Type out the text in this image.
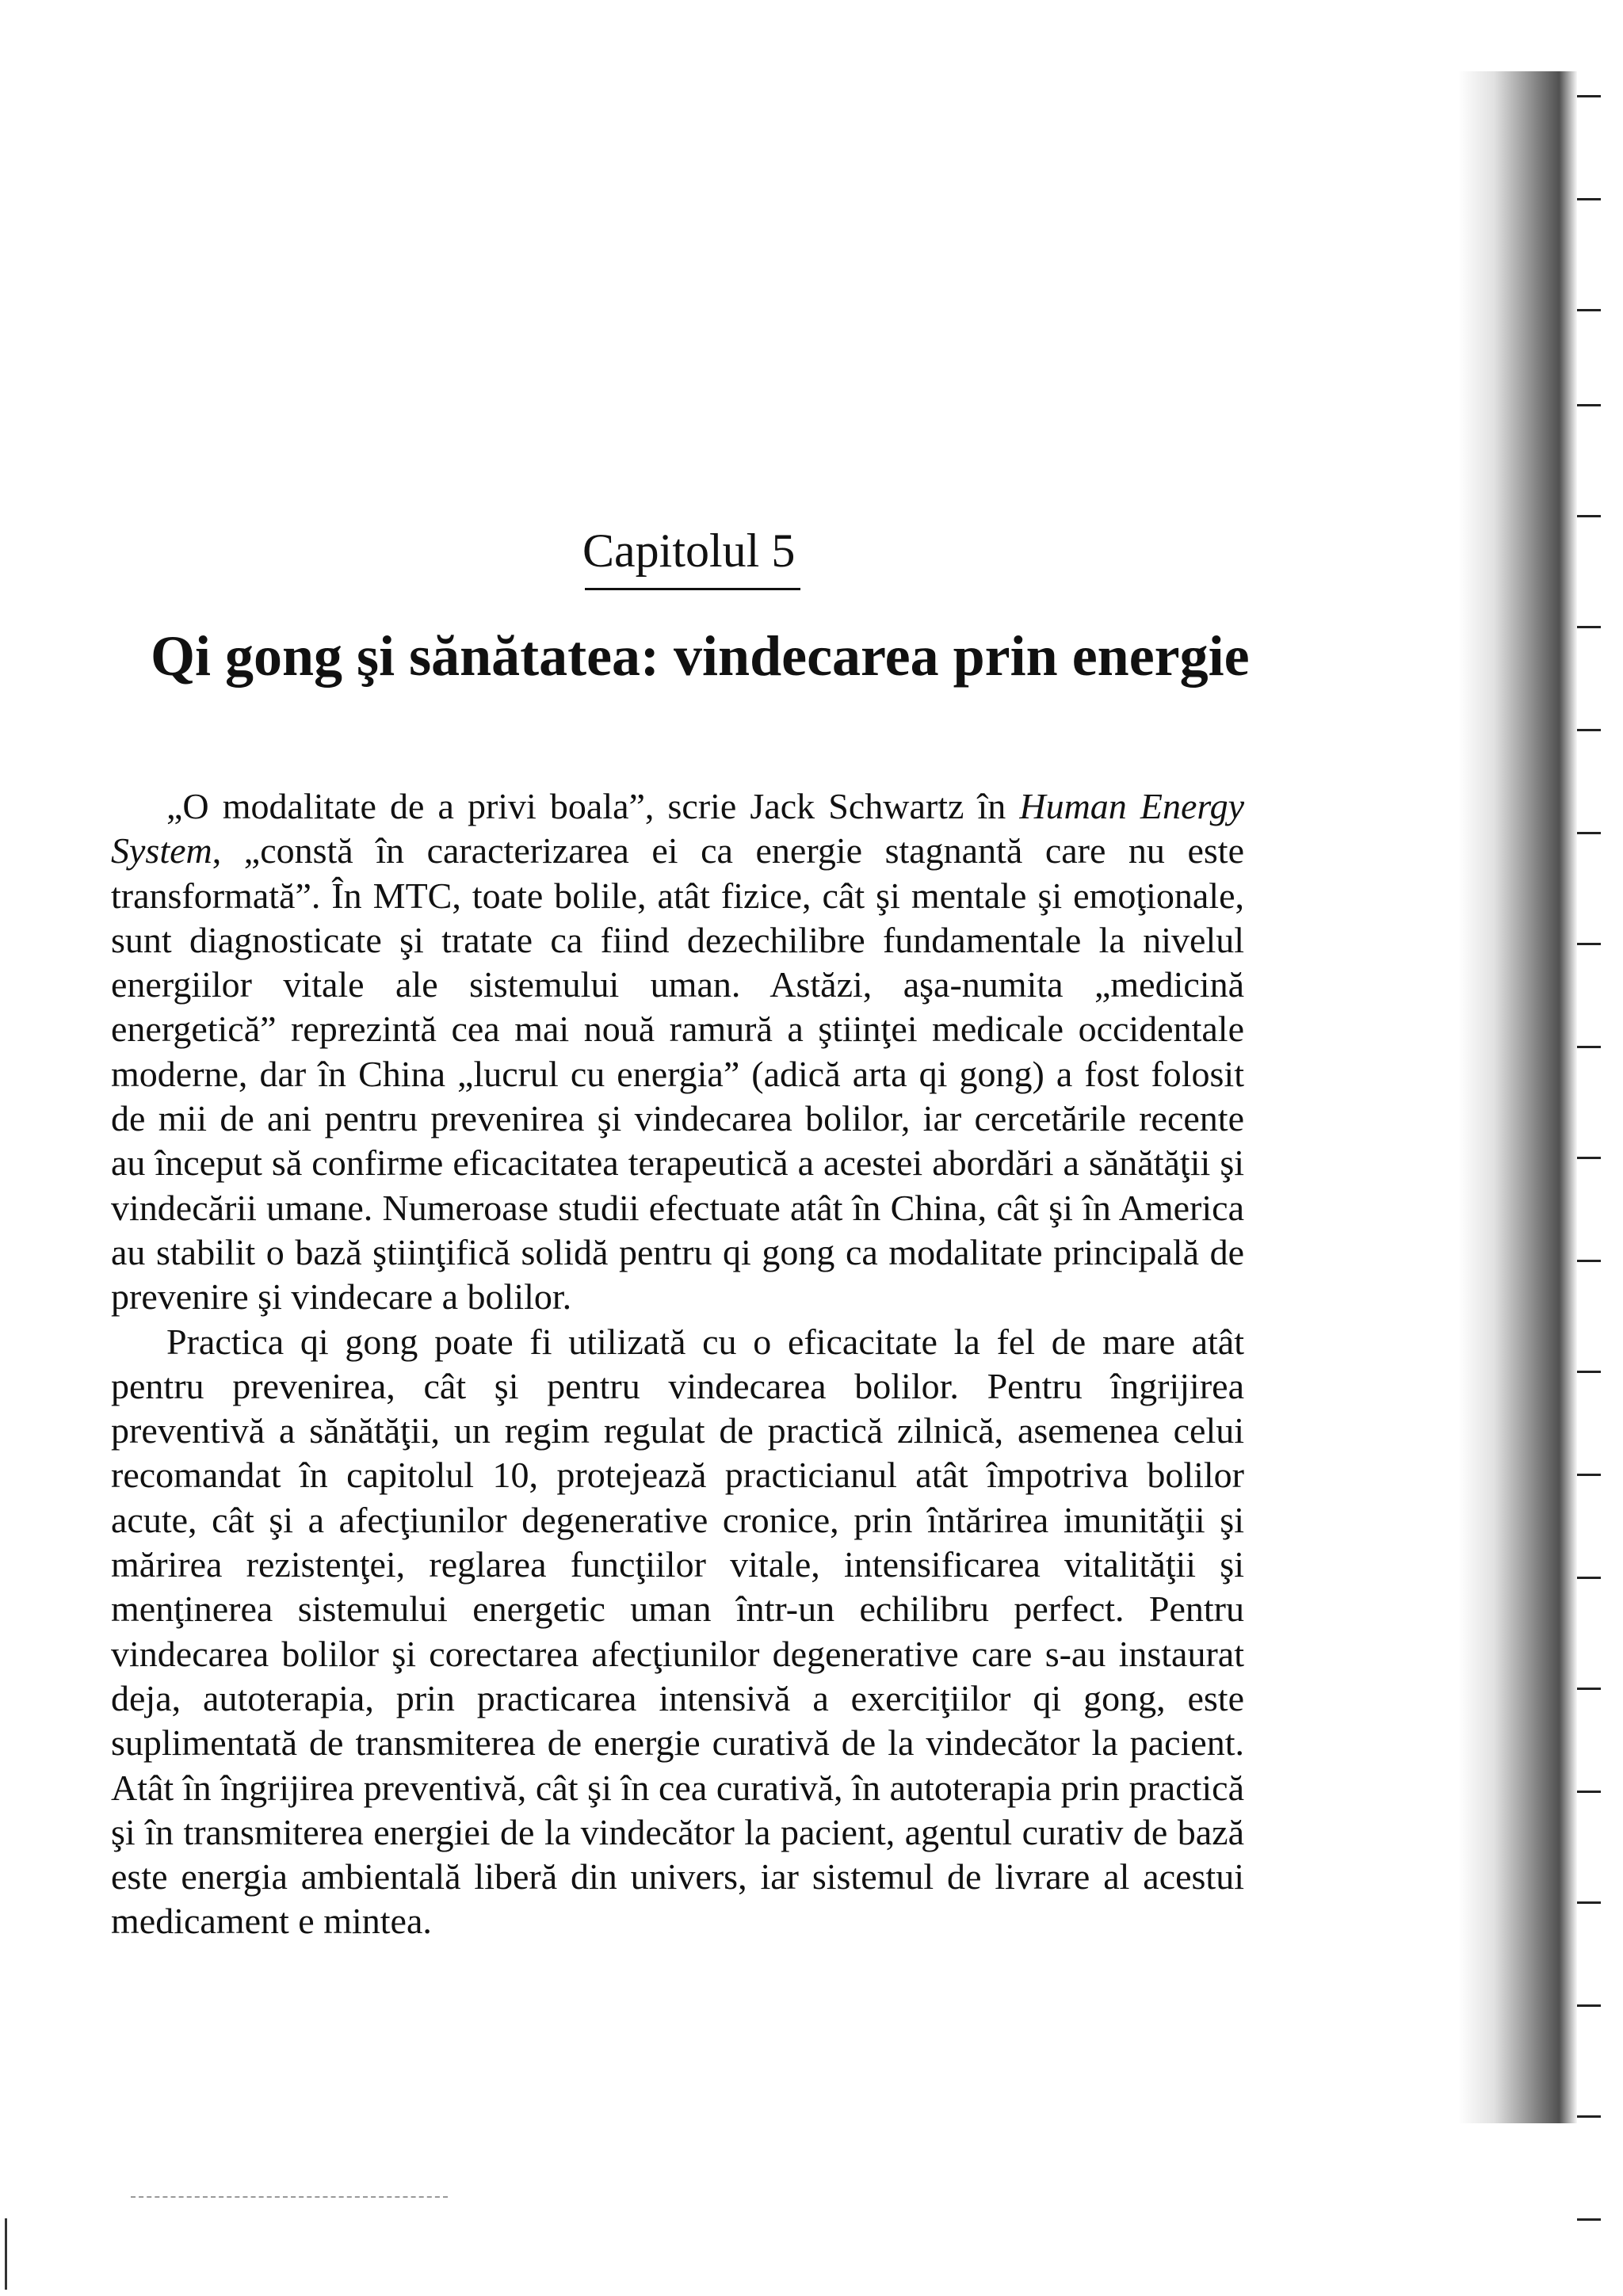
Capitolul 5
Qi gong şi sănătatea: vindecarea prin energie

„O modalitate de a privi boala”, scrie Jack Schwartz în Human Energy System, „constă în caracterizarea ei ca energie stagnantă care nu este transformată”. În MTC, toate bolile, atât fizice, cât şi mentale şi emoţionale, sunt diagnosticate şi tratate ca fiind dezechilibre fundamentale la nivelul energiilor vitale ale sistemului uman. Astăzi, aşa-numita „medicină energetică” reprezintă cea mai nouă ramură a ştiinţei medicale occidentale moderne, dar în China „lucrul cu energia” (adică arta qi gong) a fost folosit de mii de ani pentru prevenirea şi vindecarea bolilor, iar cercetările recente au început să confirme eficacitatea terapeutică a acestei abordări a sănătăţii şi vindecării umane. Numeroase studii efectuate atât în China, cât şi în America au stabilit o bază ştiinţifică solidă pentru qi gong ca modalitate principală de prevenire şi vindecare a bolilor.

Practica qi gong poate fi utilizată cu o eficacitate la fel de mare atât pentru prevenirea, cât şi pentru vindecarea bolilor. Pentru îngrijirea preventivă a sănătăţii, un regim regulat de practică zilnică, asemenea celui recomandat în capitolul 10, protejează practicianul atât împotriva bolilor acute, cât şi a afecţiunilor degenerative cronice, prin întărirea imunităţii şi mărirea rezistenţei, reglarea funcţiilor vitale, intensificarea vitalităţii şi menţinerea sistemului energetic uman într-un echilibru perfect. Pentru vindecarea bolilor şi corectarea afecţiunilor degenerative care s-au instaurat deja, autoterapia, prin practicarea intensivă a exerciţiilor qi gong, este suplimentată de transmiterea de energie curativă de la vindecător la pacient. Atât în îngrijirea preventivă, cât şi în cea curativă, în autoterapia prin practică şi în transmiterea energiei de la vindecător la pacient, agentul curativ de bază este energia ambientală liberă din univers, iar sistemul de livrare al acestui medicament e mintea.
